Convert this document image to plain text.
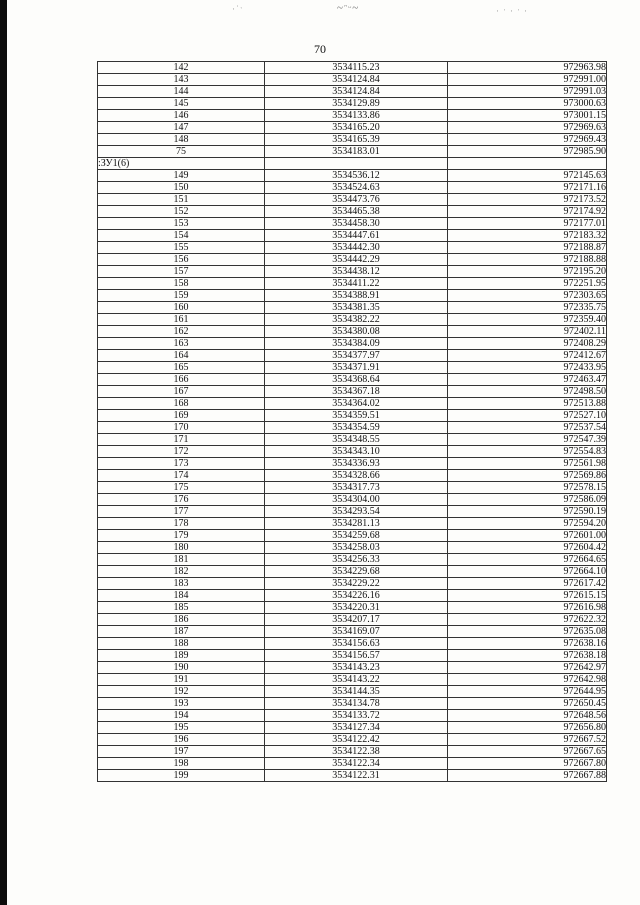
·˙ˑ	~ᵔᵕ~	· ˑ · ˑ ·
70
142	3534115.23	972963.98
143	3534124.84	972991.00
144	3534124.84	972991.03
145	3534129.89	973000.63
146	3534133.86	973001.15
147	3534165.20	972969.63
148	3534165.39	972969.43
75	3534183.01	972985.90
:ЗУ1(6)		
149	3534536.12	972145.63
150	3534524.63	972171.16
151	3534473.76	972173.52
152	3534465.38	972174.92
153	3534458.30	972177.01
154	3534447.61	972183.32
155	3534442.30	972188.87
156	3534442.29	972188.88
157	3534438.12	972195.20
158	3534411.22	972251.95
159	3534388.91	972303.65
160	3534381.35	972335.75
161	3534382.22	972359.40
162	3534380.08	972402.11
163	3534384.09	972408.29
164	3534377.97	972412.67
165	3534371.91	972433.95
166	3534368.64	972463.47
167	3534367.18	972498.50
168	3534364.02	972513.88
169	3534359.51	972527.10
170	3534354.59	972537.54
171	3534348.55	972547.39
172	3534343.10	972554.83
173	3534336.93	972561.98
174	3534328.66	972569.86
175	3534317.73	972578.15
176	3534304.00	972586.09
177	3534293.54	972590.19
178	3534281.13	972594.20
179	3534259.68	972601.00
180	3534258.03	972604.42
181	3534256.33	972664.65
182	3534229.68	972664.10
183	3534229.22	972617.42
184	3534226.16	972615.15
185	3534220.31	972616.98
186	3534207.17	972622.32
187	3534169.07	972635.08
188	3534156.63	972638.16
189	3534156.57	972638.18
190	3534143.23	972642.97
191	3534143.22	972642.98
192	3534144.35	972644.95
193	3534134.78	972650.45
194	3534133.72	972648.56
195	3534127.34	972656.80
196	3534122.42	972667.52
197	3534122.38	972667.65
198	3534122.34	972667.80
199	3534122.31	972667.88
